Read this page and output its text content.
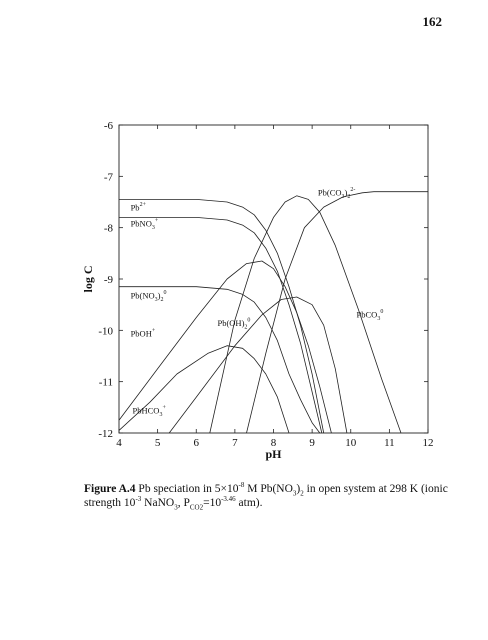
162
4	5	6	7	8	9	10	11	12
-6
-7
-8
-9
-10
-11
-12
pH
log C
$Pb^{2+}$
PbNO$_3$+
$Pb(NO_3)_2^0$
PbOH+
$Pb(OH)_2^0$
PbCO$_3^0$
$Pb(CO_3)_2^{2-}$
PbHCO$_3$+
Figure A.4 Pb speciation in $5\times 10^{-8}$ M $Pb(NO_3)_2$ in open system at 298 K (ionic strength $10^{-3}$ NaNO$_3$, $P_{CO2}=10^{-3.46}$ atm).
